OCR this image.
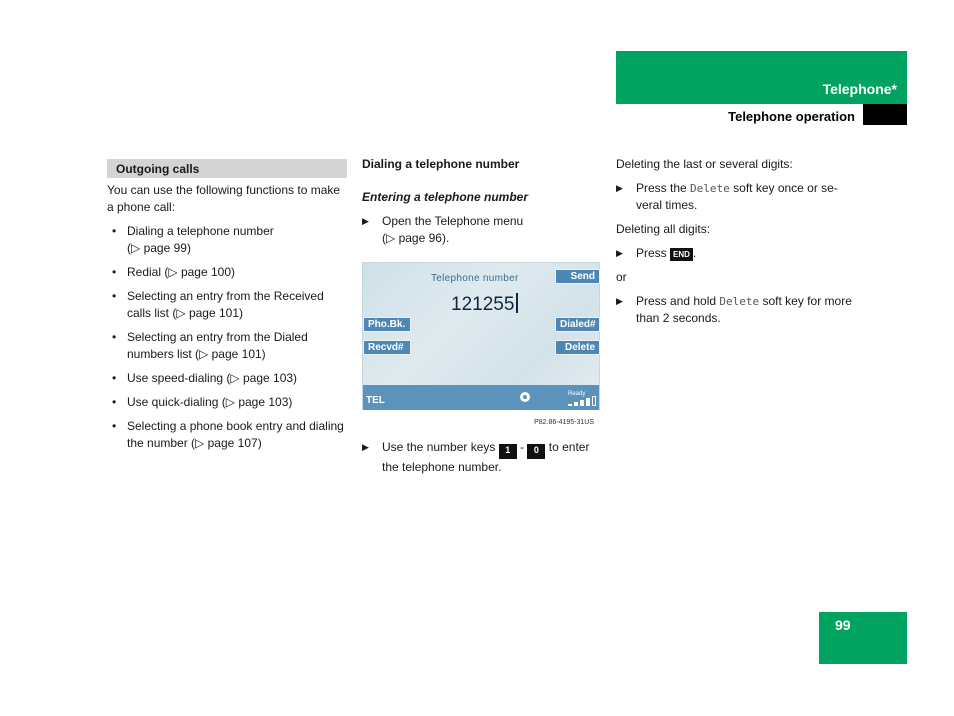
Telephone*
Telephone operation
Outgoing calls

You can use the following functions to make a phone call:

• Dialing a telephone number
(▷ page 99)
• Redial (▷ page 100)
• Selecting an entry from the Received calls list (▷ page 101)
• Selecting an entry from the Dialed numbers list (▷ page 101)
• Use speed-dialing (▷ page 103)
• Use quick-dialing (▷ page 103)
• Selecting a phone book entry and dialing the number (▷ page 107)

Dialing a telephone number

Entering a telephone number

▶ Open the Telephone menu
(▷ page 96).
Telephone number
121255
Send
Pho.Bk.	Dialed#
Recvd#	Delete
TEL
Ready
P82.86-4195-31US
▶ Use the number keys 1 - 0 to enter the telephone number.

Deleting the last or several digits:

▶ Press the Delete soft key once or se-veral times.

Deleting all digits:

▶ Press END .

or

▶ Press and hold Delete soft key for more than 2 seconds.
99
